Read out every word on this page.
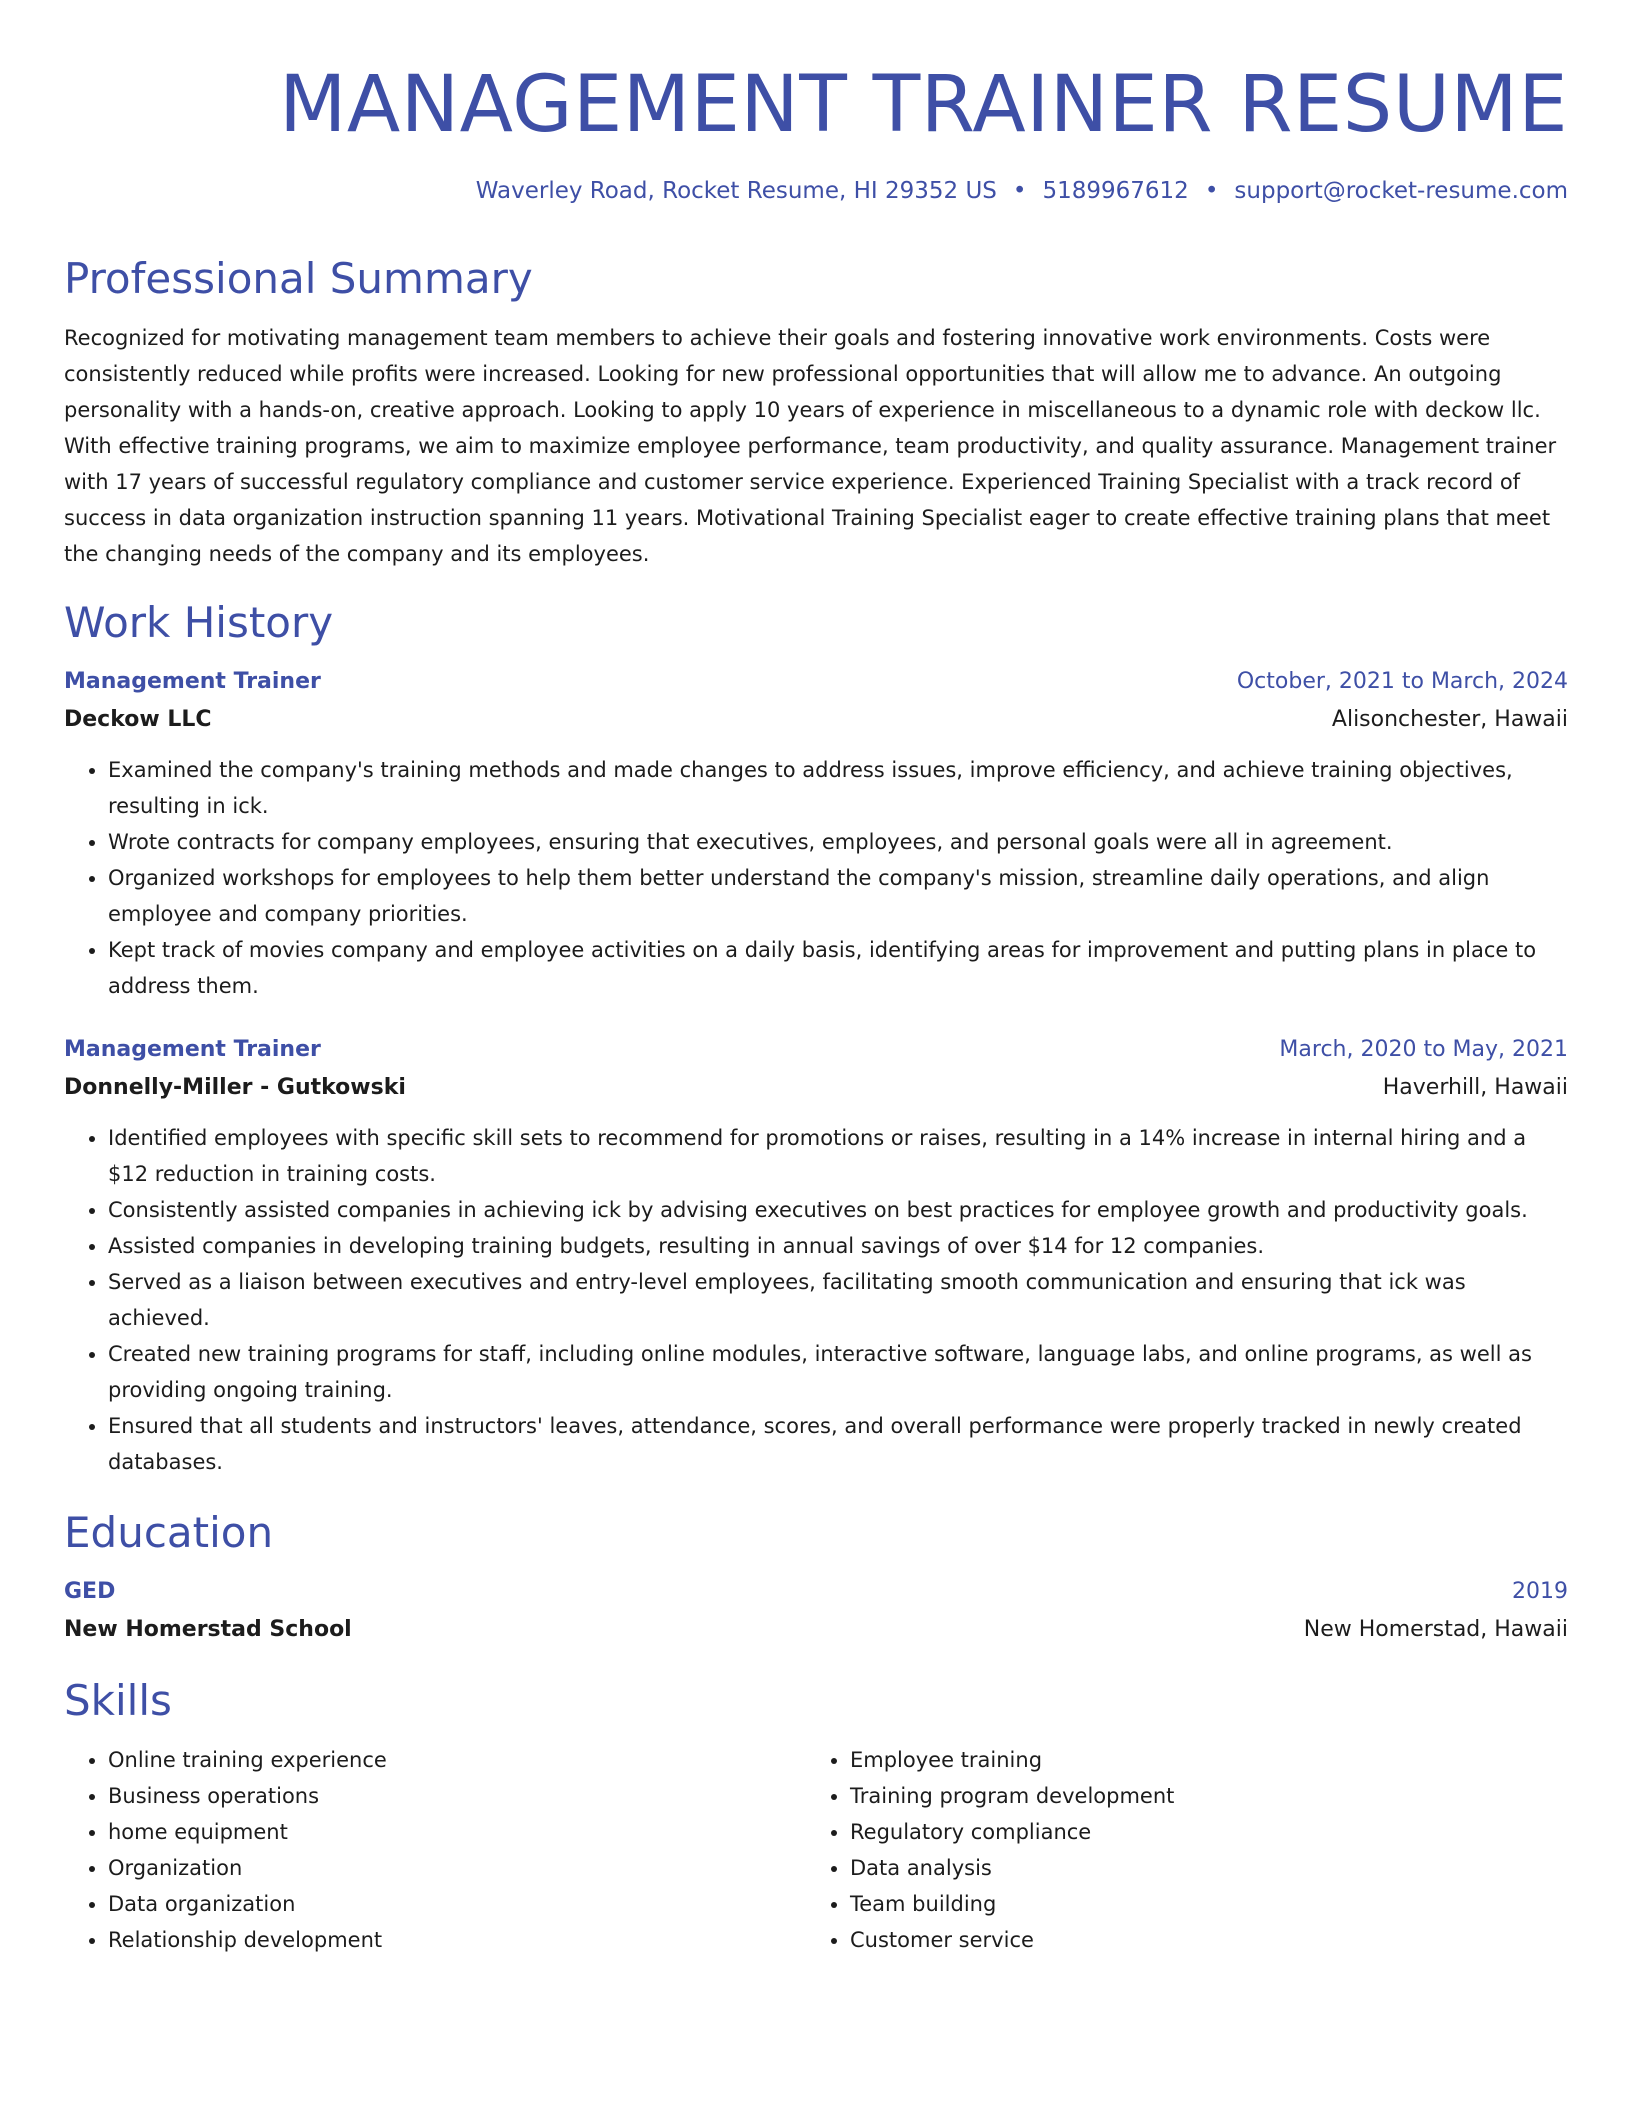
MANAGEMENT TRAINER RESUME
Waverley Road, Rocket Resume, HI 29352 US • 5189967612 • support@rocket-resume.com
Professional Summary
Recognized for motivating management team members to achieve their goals and fostering innovative work environments. Costs were consistently reduced while profits were increased. Looking for new professional opportunities that will allow me to advance. An outgoing personality with a hands-on, creative approach. Looking to apply 10 years of experience in miscellaneous to a dynamic role with deckow llc. With effective training programs, we aim to maximize employee performance, team productivity, and quality assurance. Management trainer with 17 years of successful regulatory compliance and customer service experience. Experienced Training Specialist with a track record of success in data organization instruction spanning 11 years. Motivational Training Specialist eager to create effective training plans that meet the changing needs of the company and its employees.
Work History
Management Trainer	October, 2021 to March, 2024
Deckow LLC	Alisonchester, Hawaii
• Examined the company's training methods and made changes to address issues, improve efficiency, and achieve training objectives, resulting in ick.
• Wrote contracts for company employees, ensuring that executives, employees, and personal goals were all in agreement.
• Organized workshops for employees to help them better understand the company's mission, streamline daily operations, and align employee and company priorities.
• Kept track of movies company and employee activities on a daily basis, identifying areas for improvement and putting plans in place to address them.
Management Trainer	March, 2020 to May, 2021
Donnelly-Miller - Gutkowski	Haverhill, Hawaii
• Identified employees with specific skill sets to recommend for promotions or raises, resulting in a 14% increase in internal hiring and a $12 reduction in training costs.
• Consistently assisted companies in achieving ick by advising executives on best practices for employee growth and productivity goals.
• Assisted companies in developing training budgets, resulting in annual savings of over $14 for 12 companies.
• Served as a liaison between executives and entry-level employees, facilitating smooth communication and ensuring that ick was achieved.
• Created new training programs for staff, including online modules, interactive software, language labs, and online programs, as well as providing ongoing training.
• Ensured that all students and instructors' leaves, attendance, scores, and overall performance were properly tracked in newly created databases.
Education
GED	2019
New Homerstad School	New Homerstad, Hawaii
Skills
• Online training experience
• Business operations
• home equipment
• Organization
• Data organization
• Relationship development
• Employee training
• Training program development
• Regulatory compliance
• Data analysis
• Team building
• Customer service
